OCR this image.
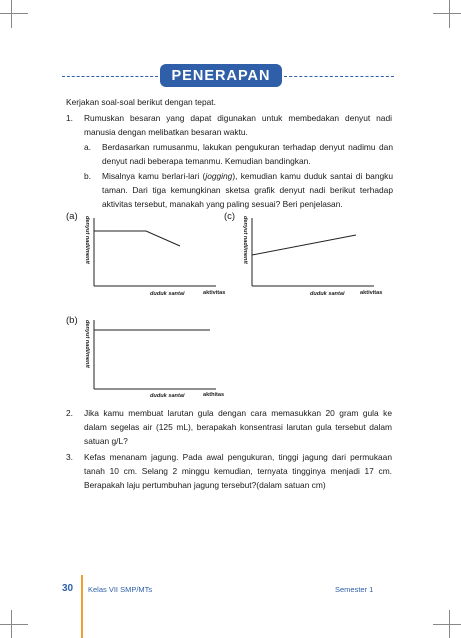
PENERAPAN
Kerjakan soal-soal berikut dengan tepat.
1. Rumuskan besaran yang dapat digunakan untuk membedakan denyut nadi manusia dengan melibatkan besaran waktu.
a. Berdasarkan rumusanmu, lakukan pengukuran terhadap denyut nadimu dan denyut nadi beberapa temanmu. Kemudian bandingkan.
b. Misalnya kamu berlari-lari (jogging), kemudian kamu duduk santai di bangku taman. Dari tiga kemungkinan sketsa grafik denyut nadi berikut terhadap aktivitas tersebut, manakah yang paling sesuai? Beri penjelasan.
(a) denyut nadi/menit
duduk santai	aktivitas
(c) denyut nadi/menit
duduk santai	aktivitas
(b) denyut nadi/menit
duduk santai	akthitas
2. Jika kamu membuat larutan gula dengan cara memasukkan 20 gram gula ke dalam segelas air (125 mL), berapakah konsentrasi larutan gula tersebut dalam satuan g/L?
3. Kefas menanam jagung. Pada awal pengukuran, tinggi jagung dari permukaan tanah 10 cm. Selang 2 minggu kemudian, ternyata tingginya menjadi 17 cm. Berapakah laju pertumbuhan jagung tersebut?(dalam satuan cm)
30 Kelas VII SMP/MTs	Semester 1
